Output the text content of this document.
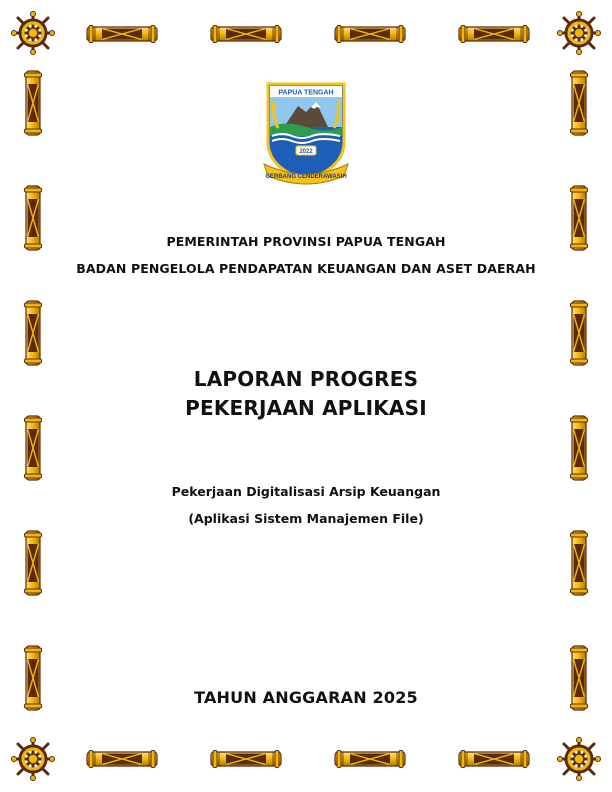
PAPUA TENGAH
2022
GERBANG CENDERAWASIH
PEMERINTAH PROVINSI PAPUA TENGAH
BADAN PENGELOLA PENDAPATAN KEUANGAN DAN ASET DAERAH
LAPORAN PROGRES
PEKERJAAN APLIKASI
Pekerjaan Digitalisasi Arsip Keuangan
(Aplikasi Sistem Manajemen File)
TAHUN ANGGARAN 2025
